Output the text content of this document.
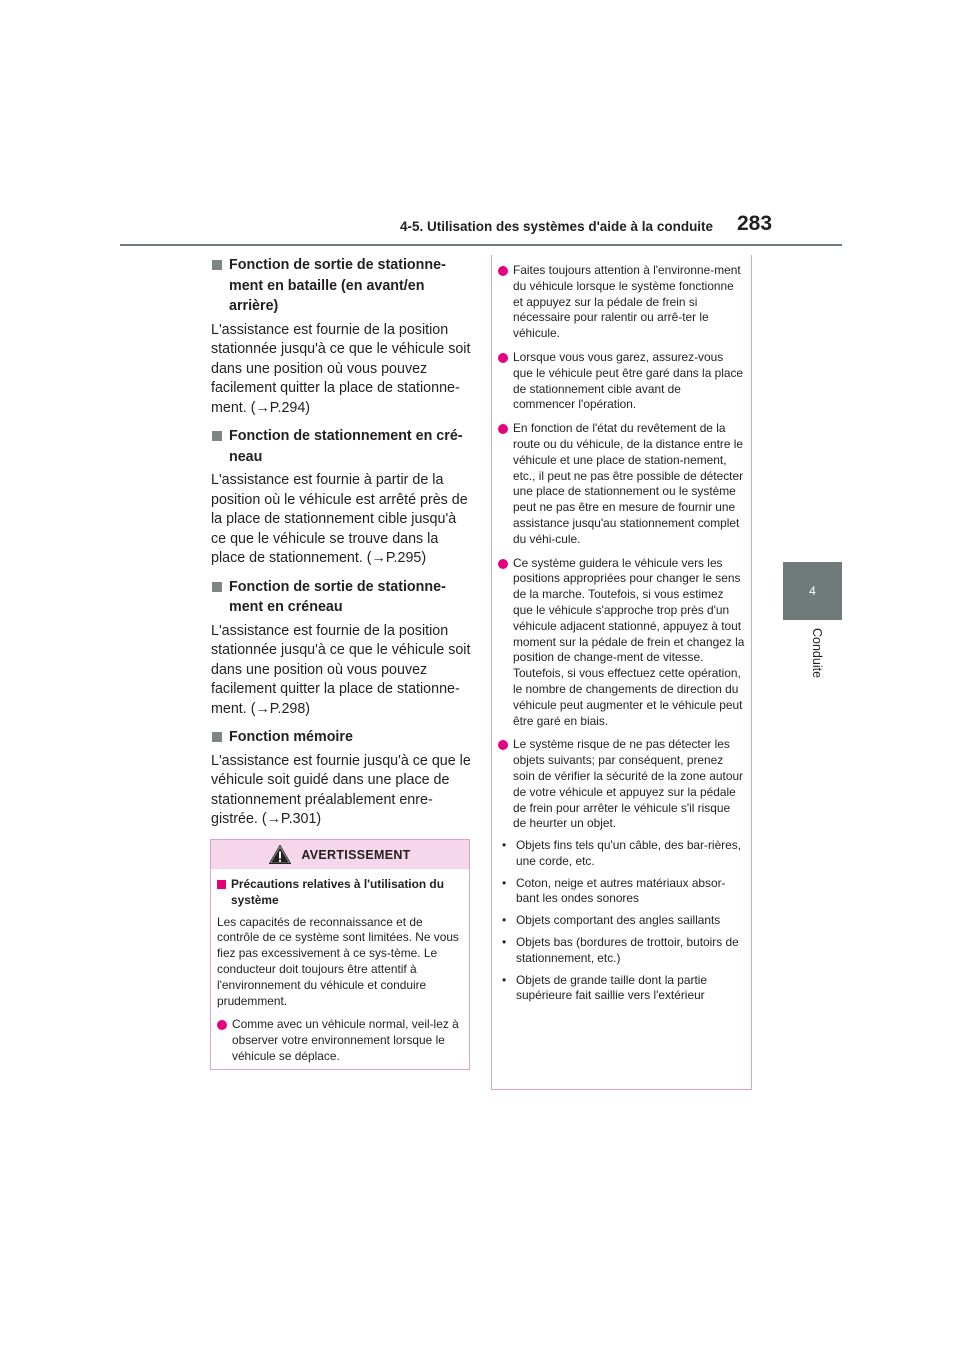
4-5. Utilisation des systèmes d'aide à la conduite 283
4
Conduite
Fonction de sortie de stationne-ment en bataille (en avant/en arrière)

L'assistance est fournie de la position stationnée jusqu'à ce que le véhicule soit dans une position où vous pouvez facilement quitter la place de stationne-ment. (→P.294)

Fonction de stationnement en cré-neau

L'assistance est fournie à partir de la position où le véhicule est arrêté près de la place de stationnement cible jusqu'à ce que le véhicule se trouve dans la place de stationnement. (→P.295)

Fonction de sortie de stationne-ment en créneau

L'assistance est fournie de la position stationnée jusqu'à ce que le véhicule soit dans une position où vous pouvez facilement quitter la place de stationne-ment. (→P.298)

Fonction mémoire

L'assistance est fournie jusqu'à ce que le véhicule soit guidé dans une place de stationnement préalablement enre-gistrée. (→P.301)

AVERTISSEMENT
Précautions relatives à l'utilisation du système
Les capacités de reconnaissance et de contrôle de ce système sont limitées. Ne vous fiez pas excessivement à ce sys-tème. Le conducteur doit toujours être attentif à l'environnement du véhicule et conduire prudemment.
Comme avec un véhicule normal, veil-lez à observer votre environnement lorsque le véhicule se déplace.
Faites toujours attention à l'environne-ment du véhicule lorsque le système fonctionne et appuyez sur la pédale de frein si nécessaire pour ralentir ou arrê-ter le véhicule.
Lorsque vous vous garez, assurez-vous que le véhicule peut être garé dans la place de stationnement cible avant de commencer l'opération.
En fonction de l'état du revêtement de la route ou du véhicule, de la distance entre le véhicule et une place de station-nement, etc., il peut ne pas être possible de détecter une place de stationnement ou le système peut ne pas être en mesure de fournir une assistance jusqu'au stationnement complet du véhi-cule.
Ce système guidera le véhicule vers les positions appropriées pour changer le sens de la marche. Toutefois, si vous estimez que le véhicule s'approche trop près d'un véhicule adjacent stationné, appuyez à tout moment sur la pédale de frein et changez la position de change-ment de vitesse. Toutefois, si vous effectuez cette opération, le nombre de changements de direction du véhicule peut augmenter et le véhicule peut être garé en biais.
Le système risque de ne pas détecter les objets suivants; par conséquent, prenez soin de vérifier la sécurité de la zone autour de votre véhicule et appuyez sur la pédale de frein pour arrêter le véhicule s'il risque de heurter un objet.
• Objets fins tels qu'un câble, des bar-rières, une corde, etc.
• Coton, neige et autres matériaux absor-bant les ondes sonores
• Objets comportant des angles saillants
• Objets bas (bordures de trottoir, butoirs de stationnement, etc.)
• Objets de grande taille dont la partie supérieure fait saillie vers l'extérieur
